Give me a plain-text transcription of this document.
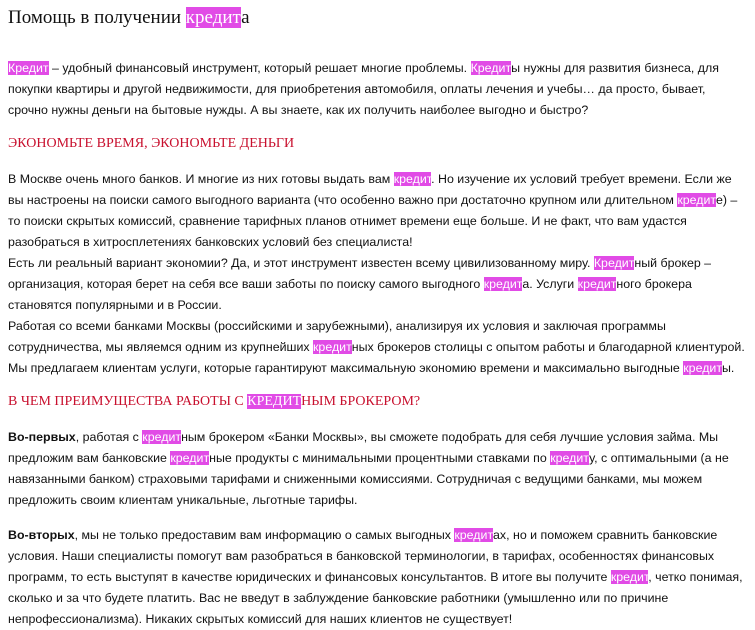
Помощь в получении кредита

Кредит – удобный финансовый инструмент, который решает многие проблемы. Кредиты нужны для развития бизнеса, для покупки квартиры и другой недвижимости, для приобретения автомобиля, оплаты лечения и учебы… да просто, бывает, срочно нужны деньги на бытовые нужды. А вы знаете, как их получить наиболее выгодно и быстро?

ЭКОНОМЬТЕ ВРЕМЯ, ЭКОНОМЬТЕ ДЕНЬГИ

В Москве очень много банков. И многие из них готовы выдать вам кредит. Но изучение их условий требует времени. Если же вы настроены на поиски самого выгодного варианта (что особенно важно при достаточно крупном или длительном кредите) – то поиски скрытых комиссий, сравнение тарифных планов отнимет времени еще больше. И не факт, что вам удастся разобраться в хитросплетениях банковских условий без специалиста!

Есть ли реальный вариант экономии? Да, и этот инструмент известен всему цивилизованному миру. Кредитный брокер – организация, которая берет на себя все ваши заботы по поиску самого выгодного кредита. Услуги кредитного брокера становятся популярными и в России.

Работая со всеми банками Москвы (российскими и зарубежными), анализируя их условия и заключая программы сотрудничества, мы являемся одним из крупнейших кредитных брокеров столицы с опытом работы и благодарной клиентурой. Мы предлагаем клиентам услуги, которые гарантируют максимальную экономию времени и максимально выгодные кредиты.

В ЧЕМ ПРЕИМУЩЕСТВА РАБОТЫ С КРЕДИТНЫМ БРОКЕРОМ?

Во-первых, работая с кредитным брокером «Банки Москвы», вы сможете подобрать для себя лучшие условия займа. Мы предложим вам банковские кредитные продукты с минимальными процентными ставками по кредиту, с оптимальными (а не навязанными банком) страховыми тарифами и сниженными комиссиями. Сотрудничая с ведущими банками, мы можем предложить своим клиентам уникальные, льготные тарифы.

Во-вторых, мы не только предоставим вам информацию о самых выгодных кредитах, но и поможем сравнить банковские условия. Наши специалисты помогут вам разобраться в банковской терминологии, в тарифах, особенностях финансовых программ, то есть выступят в качестве юридических и финансовых консультантов. В итоге вы получите кредит, четко понимая, сколько и за что будете платить. Вас не введут в заблуждение банковские работники (умышленно или по причине непрофессионализма). Никаких скрытых комиссий для наших клиентов не существует!
